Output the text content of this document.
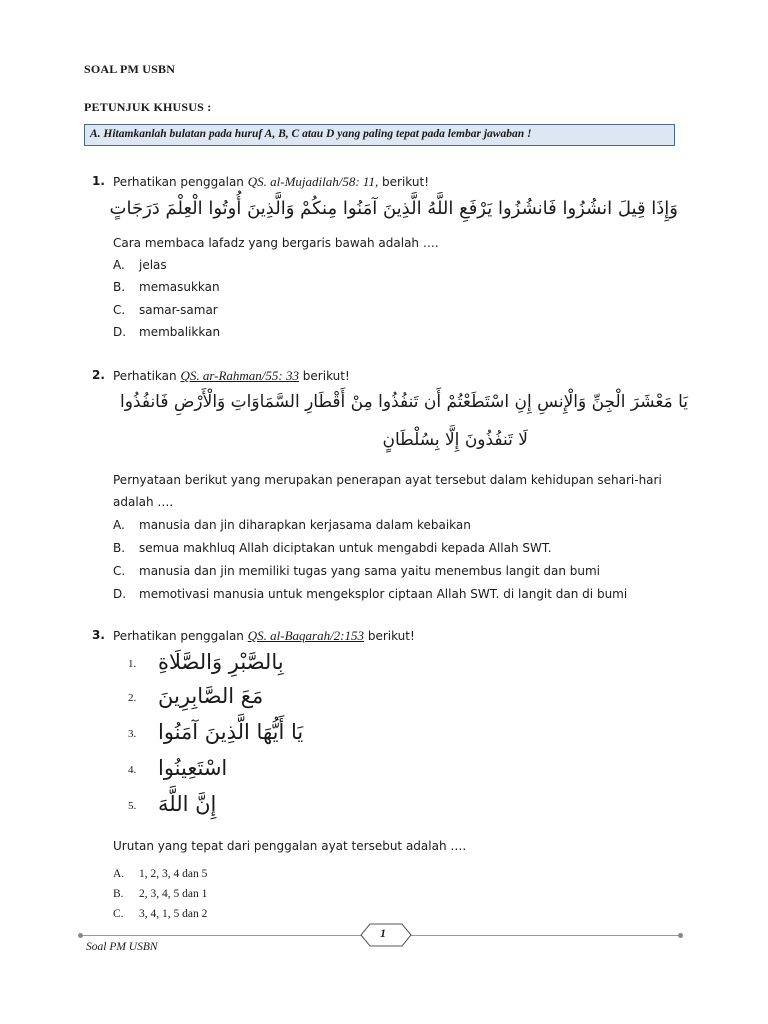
SOAL PM USBN
PETUNJUK KHUSUS :
A. Hitamkanlah bulatan pada huruf A, B, C atau D yang paling tepat pada lembar jawaban !
1. Perhatikan penggalan QS. al-Mujadilah/58: 11, berikut!
وَإِذَا قِيلَ انشُزُوا فَانشُزُوا يَرْفَعِ اللَّهُ الَّذِينَ آمَنُوا مِنكُمْ وَالَّذِينَ أُوتُوا الْعِلْمَ دَرَجَاتٍ
Cara membaca lafadz yang bergaris bawah adalah ….
A. jelas
B. memasukkan
C. samar-samar
D. membalikkan
2. Perhatikan QS. ar-Rahman/55: 33 berikut!
يَا مَعْشَرَ الْجِنِّ وَالْإِنسِ إِنِ اسْتَطَعْتُمْ أَن تَنفُذُوا مِنْ أَقْطَارِ السَّمَاوَاتِ وَالْأَرْضِ فَانفُذُوا
لَا تَنفُذُونَ إِلَّا بِسُلْطَانٍ
Pernyataan berikut yang merupakan penerapan ayat tersebut dalam kehidupan sehari-hari
adalah ….
A. manusia dan jin diharapkan kerjasama dalam kebaikan
B. semua makhluq Allah diciptakan untuk mengabdi kepada Allah SWT.
C. manusia dan jin memiliki tugas yang sama yaitu menembus langit dan bumi
D. memotivasi manusia untuk mengeksplor ciptaan Allah SWT. di langit dan di bumi
3. Perhatikan penggalan QS. al-Baqarah/2:153 berikut!
1. بِالصَّبْرِ وَالصَّلَاةِ
2. مَعَ الصَّابِرِينَ
3. يَا أَيُّهَا الَّذِينَ آمَنُوا
4. اسْتَعِينُوا
5. إِنَّ اللَّهَ
Urutan yang tepat dari penggalan ayat tersebut adalah ….
A. 1, 2, 3, 4 dan 5
B. 2, 3, 4, 5 dan 1
C. 3, 4, 1, 5 dan 2
1
Soal PM USBN
